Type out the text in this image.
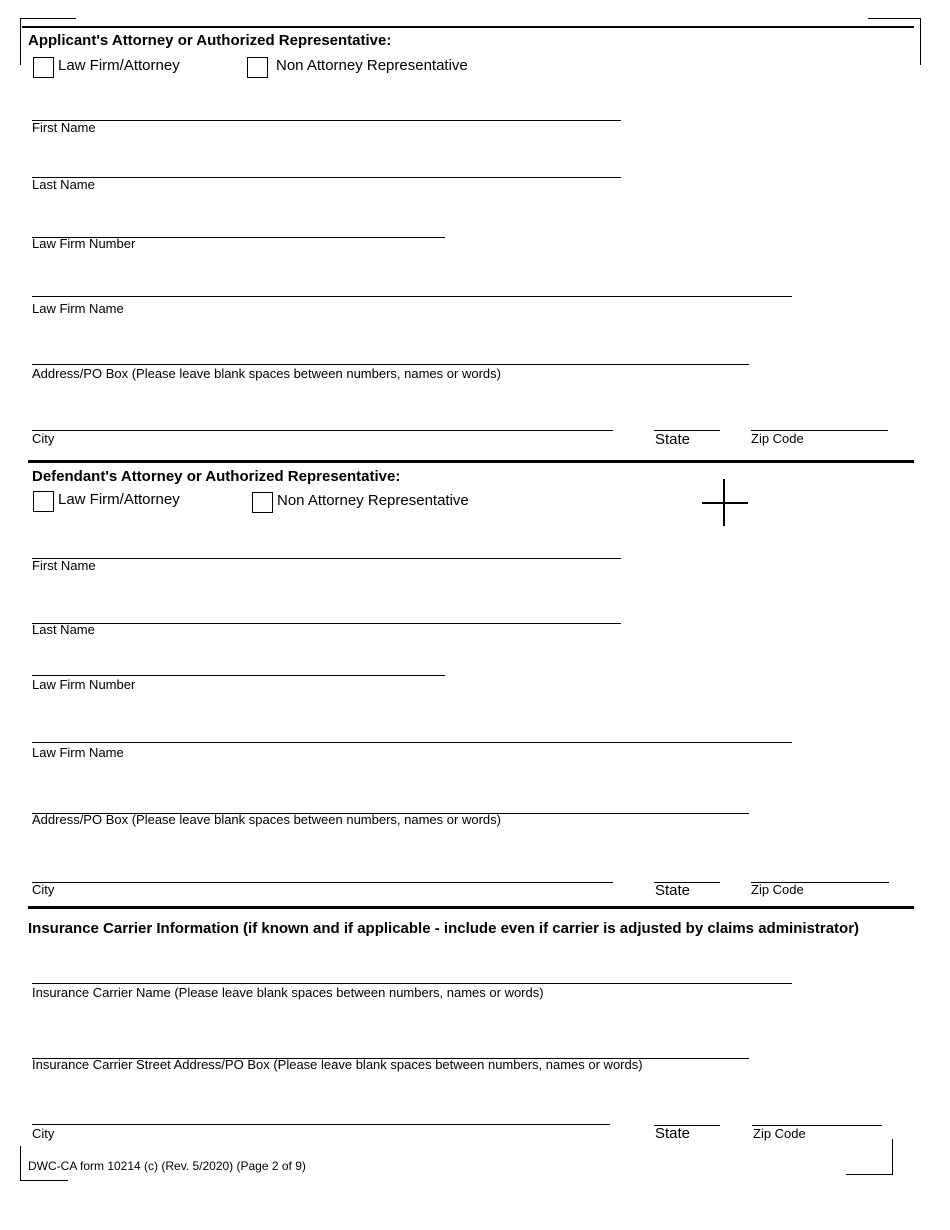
Applicant's Attorney or Authorized Representative:
Law Firm/Attorney	Non Attorney Representative
First Name
Last Name
Law Firm Number
Law Firm Name
Address/PO Box (Please leave blank spaces between numbers, names or words)
City	State	Zip Code
Defendant's Attorney or Authorized Representative:
Law Firm/Attorney	Non Attorney Representative
First Name
Last Name
Law Firm Number
Law Firm Name
Address/PO Box (Please leave blank spaces between numbers, names or words)
City	State	Zip Code
Insurance Carrier Information (if known and if applicable - include even if carrier is adjusted by claims administrator)
Insurance Carrier Name (Please leave blank spaces between numbers, names or words)
Insurance Carrier Street Address/PO Box (Please leave blank spaces between numbers, names or words)
City	State	Zip Code
DWC-CA form 10214 (c) (Rev. 5/2020) (Page 2 of 9)
